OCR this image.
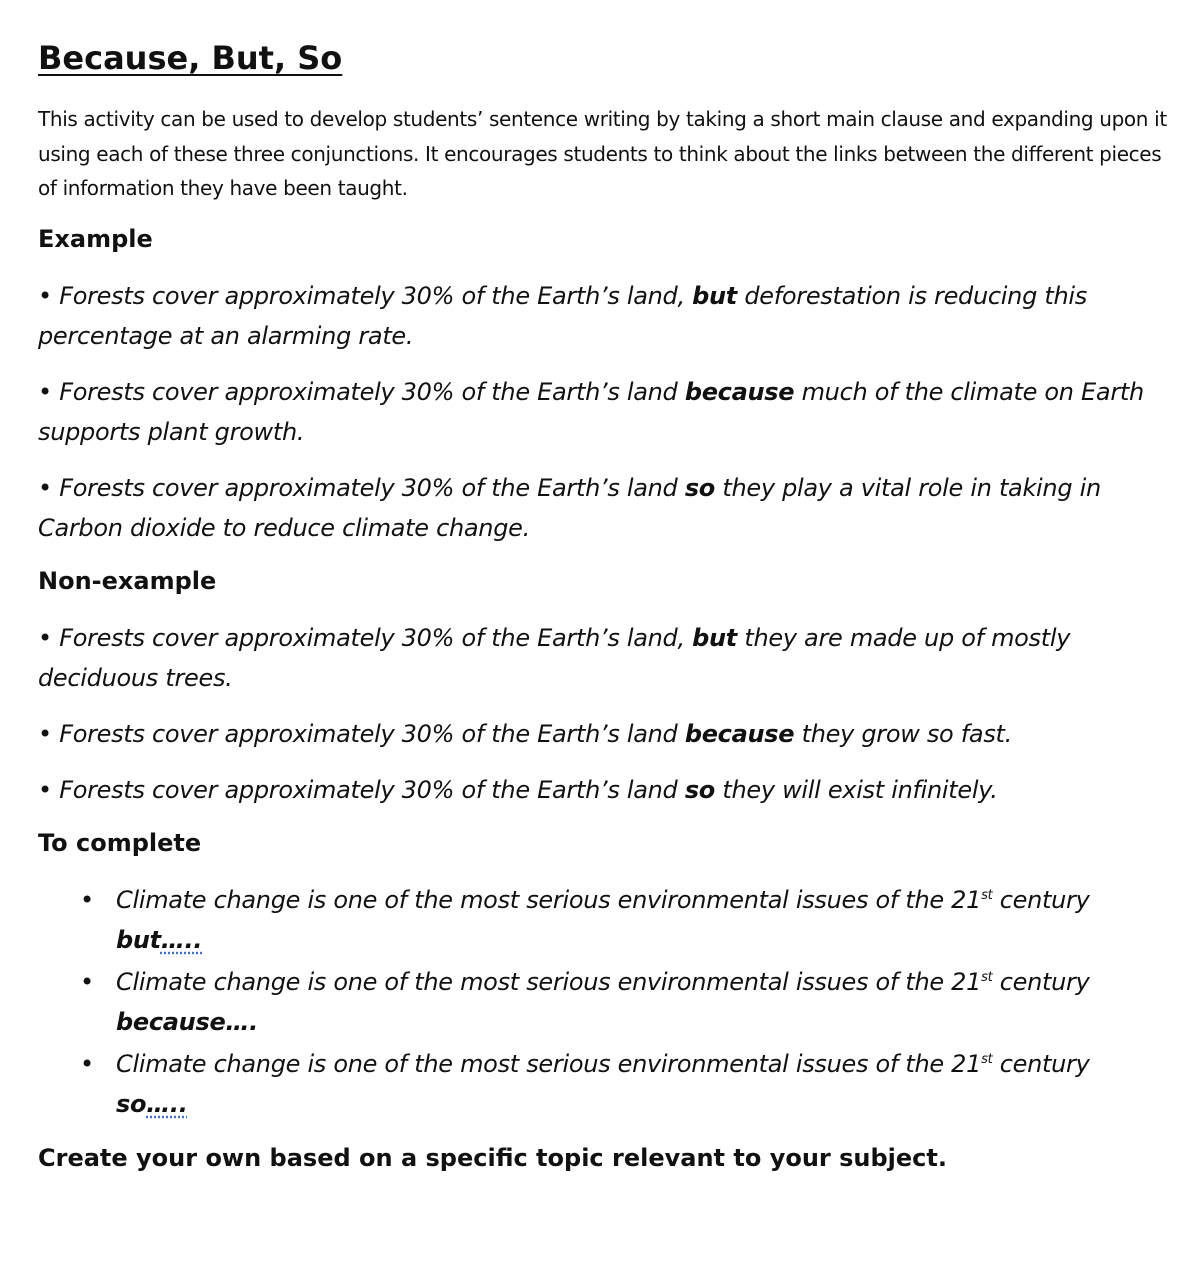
Because, But, So

This activity can be used to develop students’ sentence writing by taking a short main clause and expanding upon it using each of these three conjunctions. It encourages students to think about the links between the different pieces of information they have been taught.

Example

• Forests cover approximately 30% of the Earth’s land, but deforestation is reducing this percentage at an alarming rate.

• Forests cover approximately 30% of the Earth’s land because much of the climate on Earth supports plant growth.

• Forests cover approximately 30% of the Earth’s land so they play a vital role in taking in Carbon dioxide to reduce climate change.

Non-example

• Forests cover approximately 30% of the Earth’s land, but they are made up of mostly deciduous trees.

• Forests cover approximately 30% of the Earth’s land because they grow so fast.

• Forests cover approximately 30% of the Earth’s land so they will exist infinitely.

To complete
• Climate change is one of the most serious environmental issues of the 21st century
but…..
• Climate change is one of the most serious environmental issues of the 21st century
because….
• Climate change is one of the most serious environmental issues of the 21st century
so…..

Create your own based on a specific topic relevant to your subject.
